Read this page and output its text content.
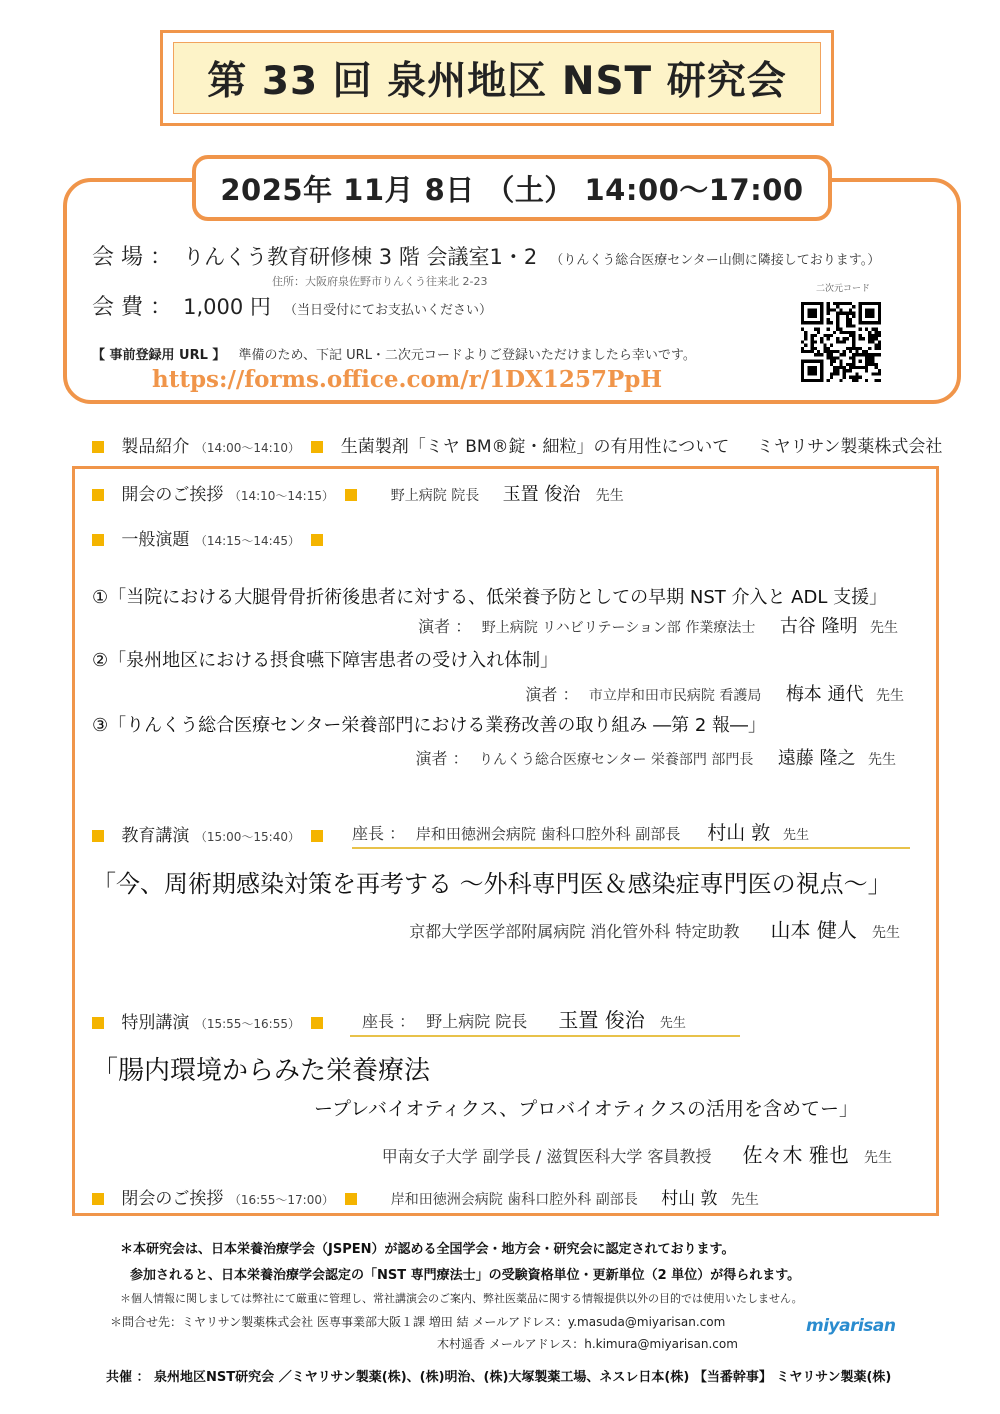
第 33 回 泉州地区 NST 研究会
2025年 11月 8日 （土） 14:00～17:00
会 場 ： りんくう教育研修棟 3 階 会議室1・2 （りんくう総合医療センター山側に隣接しております。）
住所：大阪府泉佐野市りんくう往来北 2-23
会 費 ： 1,000 円 （当日受付にてお支払いください）
二次元コード
【 事前登録用 URL 】 準備のため、下記 URL・二次元コードよりご登録いただけましたら幸いです。
https://forms.office.com/r/1DX1257PpH
製品紹介 （14:00～14:10） 生菌製剤「ミヤ BM®錠・細粒」の有用性について ミヤリサン製薬株式会社
開会のご挨拶 （14:10～14:15）	野上病院 院長 玉置 俊治 先生
一般演題 （14:15～14:45）
①「当院における大腿骨骨折術後患者に対する、低栄養予防としての早期 NST 介入と ADL 支援」
演者 ： 野上病院 リハビリテーション部 作業療法士 古谷 隆明 先生
②「泉州地区における摂食嚥下障害患者の受け入れ体制」
演者 ： 市立岸和田市民病院 看護局 梅本 通代 先生
③「りんくう総合医療センター栄養部門における業務改善の取り組み ―第 2 報―」
演者 ： りんくう総合医療センター 栄養部門 部門長 遠藤 隆之 先生
教育講演 （15:00～15:40）	座長 ： 岸和田徳洲会病院 歯科口腔外科 副部長 村山 敦 先生
「今、周術期感染対策を再考する ～外科専門医＆感染症専門医の視点～」
京都大学医学部附属病院 消化管外科 特定助教 山本 健人 先生
特別講演 （15:55～16:55）	座長 ： 野上病院 院長 玉置 俊治 先生
「腸内環境からみた栄養療法
ープレバイオティクス、プロバイオティクスの活用を含めてー」
甲南女子大学 副学長 / 滋賀医科大学 客員教授 佐々木 雅也 先生
閉会のご挨拶 （16:55～17:00）	岸和田徳洲会病院 歯科口腔外科 副部長 村山 敦 先生
＊本研究会は、日本栄養治療学会（JSPEN）が認める全国学会・地方会・研究会に認定されております。
参加されると、日本栄養治療学会認定の「NST 専門療法士」の受験資格単位・更新単位（2 単位）が得られます。
＊個人情報に関しましては弊社にて厳重に管理し、常社講演会のご案内、弊社医薬品に関する情報提供以外の目的では使用いたしません。
＊問合せ先：ミヤリサン製薬株式会社 医専事業部大阪１課 増田 結 メールアドレス：y.masuda@miyarisan.com
木村遥香 メールアドレス：h.kimura@miyarisan.com
miyarisan
共催 ： 泉州地区NST研究会 ／ミヤリサン製薬(株)、(株)明治、(株)大塚製薬工場、ネスレ日本(株) 【当番幹事】 ミヤリサン製薬(株)
